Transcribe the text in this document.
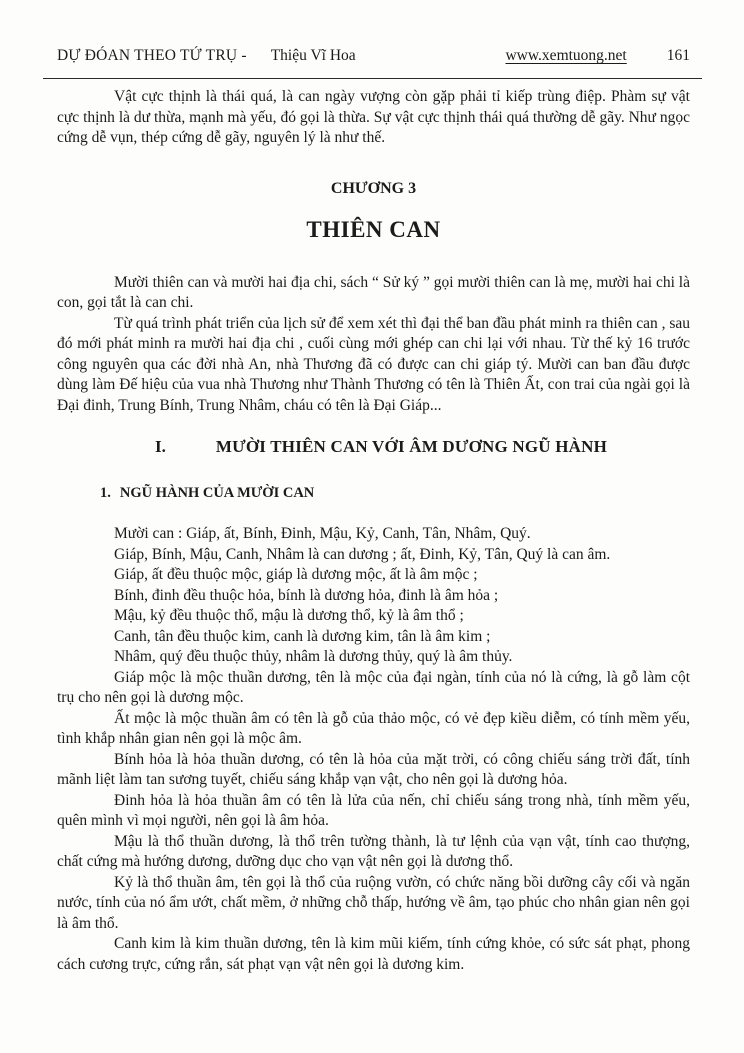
DỰ ĐÓAN THEO TỨ TRỤ - Thiệu Vĩ Hoa	www.xemtuong.net	161

Vật cực thịnh là thái quá, là can ngày vượng còn gặp phải tỉ kiếp trùng điệp. Phàm sự vật cực thịnh là dư thừa, mạnh mà yếu, đó gọi là thừa. Sự vật cực thịnh thái quá thường dễ gãy. Như ngọc cứng dễ vụn, thép cứng dễ gãy, nguyên lý là như thế.

CHƯƠNG 3
THIÊN CAN

Mười thiên can và mười hai địa chi, sách “ Sử ký ” gọi mười thiên can là mẹ, mười hai chi là con, gọi tắt là can chi.

Từ quá trình phát triển của lịch sử để xem xét thì đại thể ban đầu phát minh ra thiên can , sau đó mới phát minh ra mười hai địa chi , cuối cùng mới ghép can chi lại với nhau. Từ thế kỷ 16 trước công nguyên qua các đời nhà An, nhà Thương đã có được can chi giáp tý. Mười can ban đầu được dùng làm Đế hiệu của vua nhà Thương như Thành Thương có tên là Thiên Ất, con trai của ngài gọi là Đại đinh, Trung Bính, Trung Nhâm, cháu có tên là Đại Giáp...

I.	MƯỜI THIÊN CAN VỚI ÂM DƯƠNG NGŨ HÀNH
1. NGŨ HÀNH CỦA MƯỜI CAN

Mười can : Giáp, ất, Bính, Đinh, Mậu, Kỷ, Canh, Tân, Nhâm, Quý.

Giáp, Bính, Mậu, Canh, Nhâm là can dương ; ất, Đinh, Kỷ, Tân, Quý là can âm.

Giáp, ất đều thuộc mộc, giáp là dương mộc, ất là âm mộc ;

Bính, đinh đều thuộc hỏa, bính là dương hỏa, đinh là âm hỏa ;

Mậu, kỷ đều thuộc thổ, mậu là dương thổ, kỷ là âm thổ ;

Canh, tân đều thuộc kim, canh là dương kim, tân là âm kim ;

Nhâm, quý đều thuộc thủy, nhâm là dương thủy, quý là âm thủy.

Giáp mộc là mộc thuần dương, tên là mộc của đại ngàn, tính của nó là cứng, là gỗ làm cột trụ cho nên gọi là dương mộc.

Ất mộc là mộc thuần âm có tên là gỗ của thảo mộc, có vẻ đẹp kiều diễm, có tính mềm yếu, tình khắp nhân gian nên gọi là mộc âm.

Bính hỏa là hỏa thuần dương, có tên là hỏa của mặt trời, có công chiếu sáng trời đất, tính mãnh liệt làm tan sương tuyết, chiếu sáng khắp vạn vật, cho nên gọi là dương hỏa.

Đinh hỏa là hỏa thuần âm có tên là lửa của nến, chỉ chiếu sáng trong nhà, tính mềm yếu, quên mình vì mọi người, nên gọi là âm hỏa.

Mậu là thổ thuần dương, là thổ trên tường thành, là tư lệnh của vạn vật, tính cao thượng, chất cứng mà hướng dương, dưỡng dục cho vạn vật nên gọi là dương thổ.

Kỷ là thổ thuần âm, tên gọi là thổ của ruộng vườn, có chức năng bồi dưỡng cây cối và ngăn nước, tính của nó ẩm ướt, chất mềm, ở những chỗ thấp, hướng về âm, tạo phúc cho nhân gian nên gọi là âm thổ.

Canh kim là kim thuần dương, tên là kim mũi kiếm, tính cứng khỏe, có sức sát phạt, phong cách cương trực, cứng rắn, sát phạt vạn vật nên gọi là dương kim.
